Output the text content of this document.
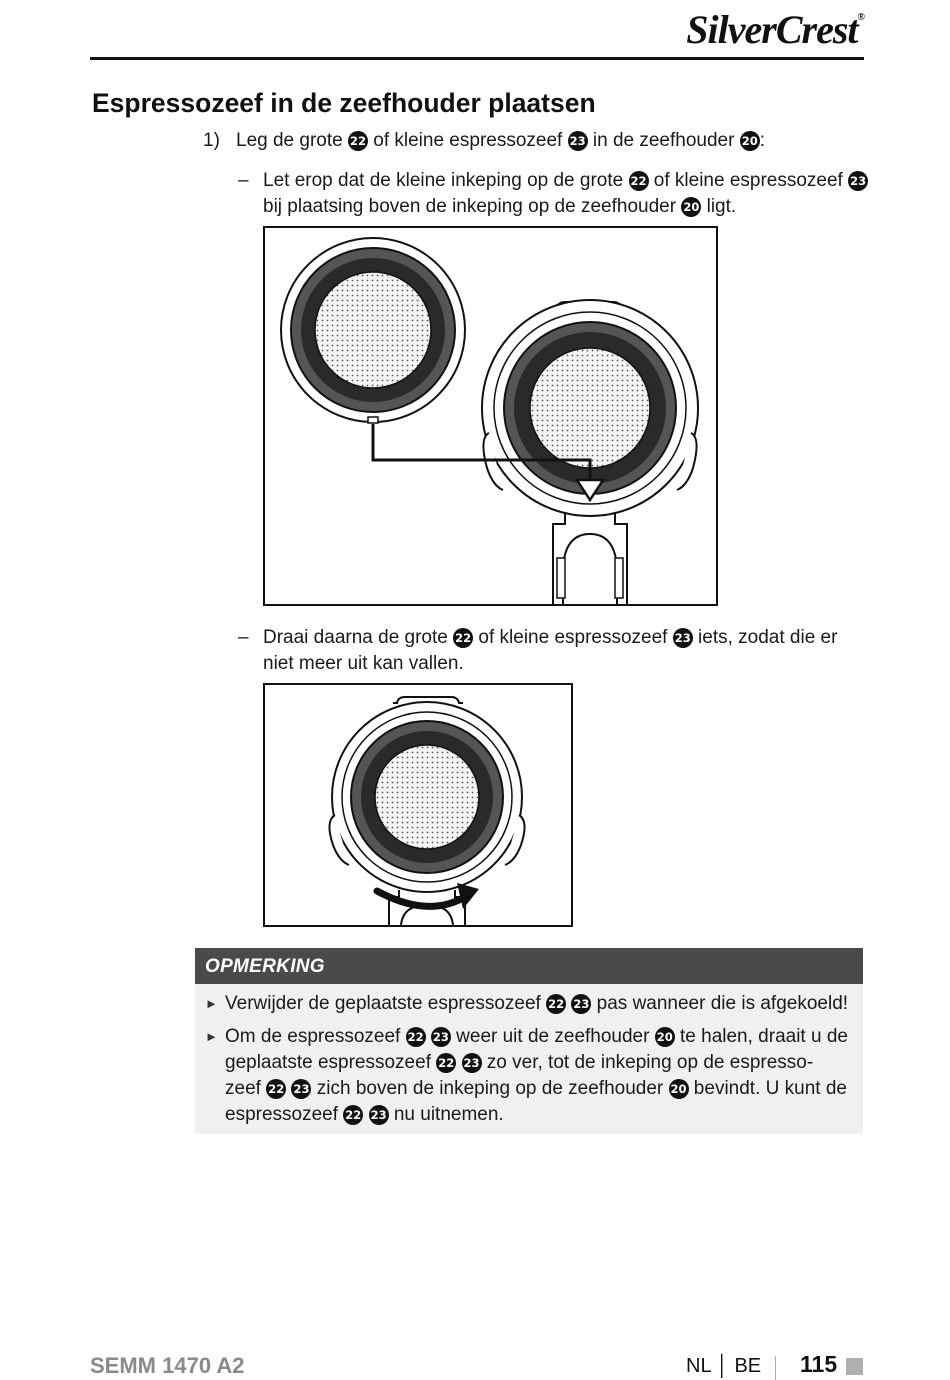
SilverCrest®
Espressozeef in de zeefhouder plaatsen
1) Leg de grote 22 of kleine espressozeef 23 in de zeefhouder 20 :
– Let erop dat de kleine inkeping op de grote 22 of kleine espressozeef 23
bij plaatsing boven de inkeping op de zeefhouder 20 ligt.
– Draai daarna de grote 22 of kleine espressozeef 23 iets, zodat die er
niet meer uit kan vallen.
OPMERKING
► Verwijder de geplaatste espressozeef 22 23 pas wanneer die is afgekoeld!
► Om de espressozeef 22 23 weer uit de zeefhouder 20 te halen, draait u de
geplaatste espressozeef 22 23 zo ver, tot de inkeping op de espresso-
zeef 22 23 zich boven de inkeping op de zeefhouder 20 bevindt. U kunt de
espressozeef 22 23 nu uitnemen.
SEMM 1470 A2	NL │ BE 115
